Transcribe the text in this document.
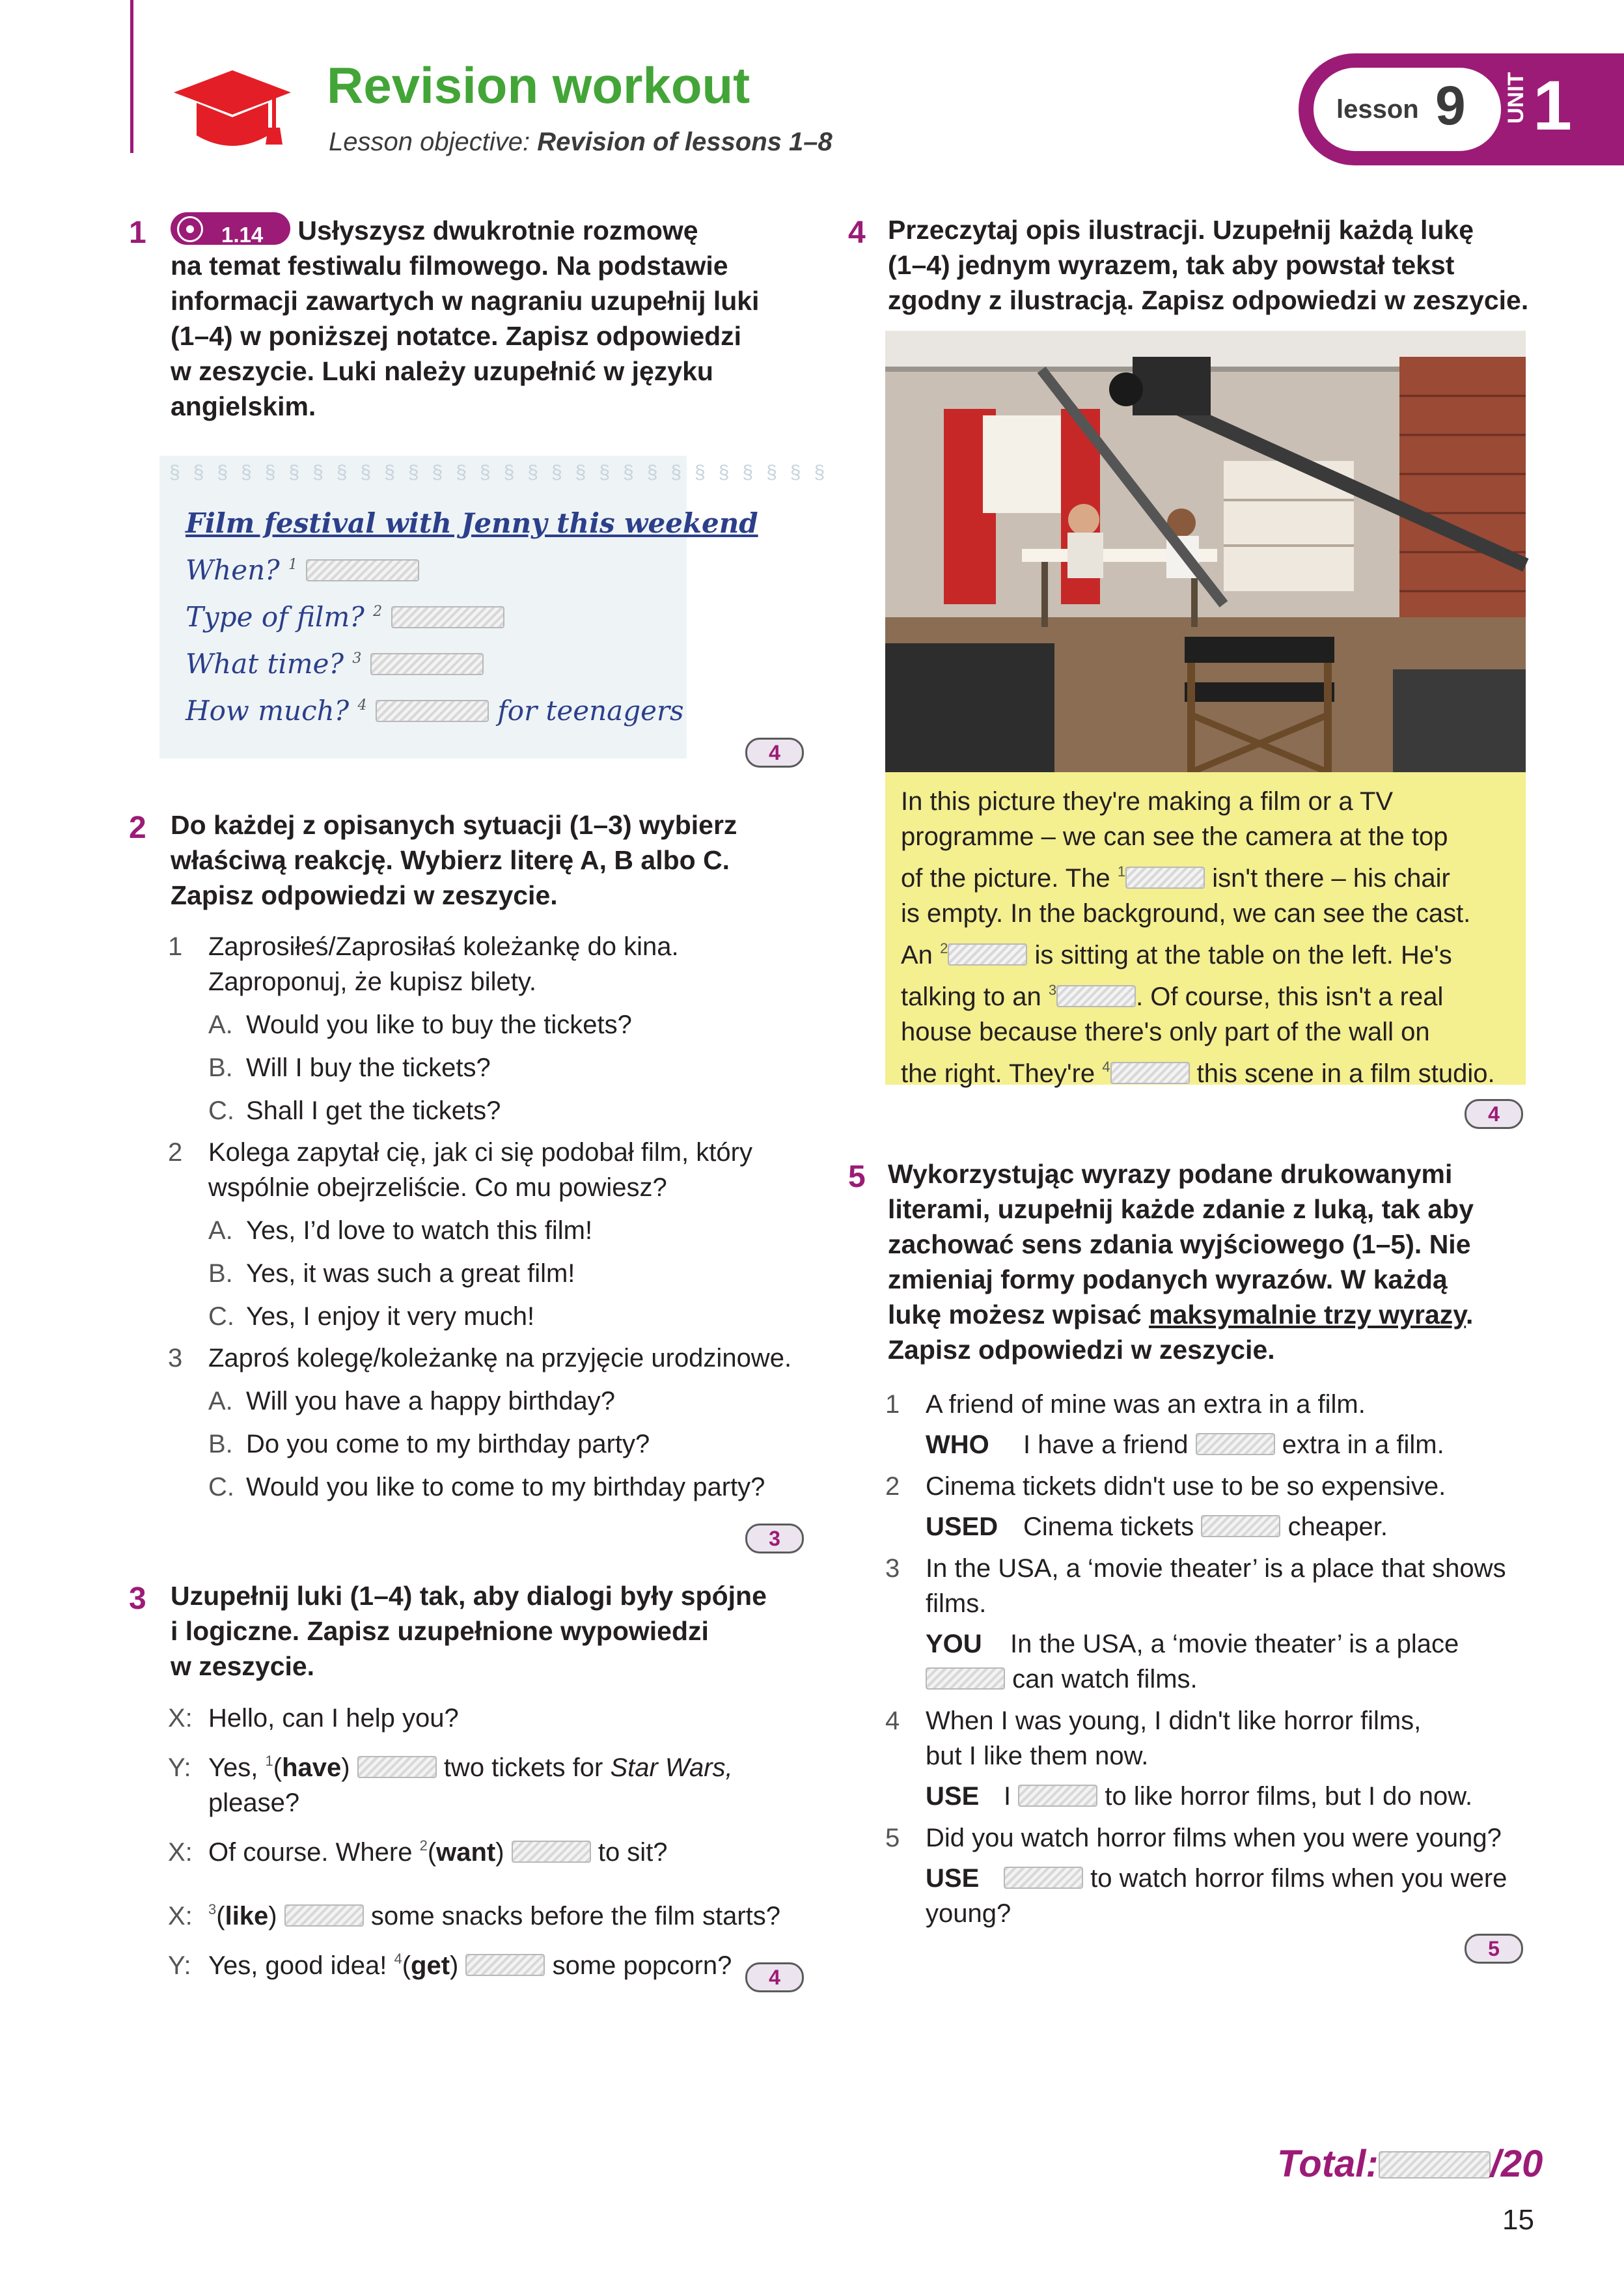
Revision workout
Lesson objective: Revision of lessons 1–8
lesson 9 UNIT 1
1	1.14 Usłyszysz dwukrotnie rozmowę
na temat festiwalu filmowego. Na podstawie
informacji zawartych w nagraniu uzupełnij luki
(1–4) w poniższej notatce. Zapisz odpowiedzi
w zeszycie. Luki należy uzupełnić w języku
angielskim.
§§§§§§§§§§§§§§§§§§§§§§§§§§§§
Film festival with Jenny this weekend
When? $^1$
Type of film? $^2$
What time? $^3$
How much? $^4$	for teenagers
4
2 Do każdej z opisanych sytuacji (1–3) wybierz
właściwą reakcję. Wybierz literę A, B albo C.
Zapisz odpowiedzi w zeszycie.
1 Zaprosiłeś/Zaprosiłaś koleżankę do kina.
Zaproponuj, że kupisz bilety.
A. Would you like to buy the tickets?
B. Will I buy the tickets?
C. Shall I get the tickets?
2 Kolega zapytał cię, jak ci się podobał film, który
wspólnie obejrzeliście. Co mu powiesz?
A. Yes, I’d love to watch this film!
B. Yes, it was such a great film!
C. Yes, I enjoy it very much!
3 Zaproś kolegę/koleżankę na przyjęcie urodzinowe.
A. Will you have a happy birthday?
B. Do you come to my birthday party?
C. Would you like to come to my birthday party?
3
3 Uzupełnij luki (1–4) tak, aby dialogi były spójne
i logiczne. Zapisz uzupełnione wypowiedzi
w zeszycie.
X: Hello, can I help you?
Y: Yes, $^1$(have)	two tickets for Star Wars,
please?
X: Of course. Where $^2$(want)	to sit?
X: $^3$(like)	some snacks before the film starts?
Y: Yes, good idea! $^4$(get)	some popcorn?	4
4 Przeczytaj opis ilustracji. Uzupełnij każdą lukę
(1–4) jednym wyrazem, tak aby powstał tekst
zgodny z ilustracją. Zapisz odpowiedzi w zeszycie.
In this picture they're making a film or a TV
programme – we can see the camera at the top
of the picture. The $^1$	isn't there – his chair
is empty. In the background, we can see the cast.
An $^2$	is sitting at the table on the left. He's
talking to an $^3$	. Of course, this isn't a real
house because there's only part of the wall on
the right. They're $^4$	this scene in a film studio.
4
5 Wykorzystując wyrazy podane drukowanymi
literami, uzupełnij każde zdanie z luką, tak aby
zachować sens zdania wyjściowego (1–5). Nie
zmieniaj formy podanych wyrazów. W każdą
lukę możesz wpisać maksymalnie trzy wyrazy.
Zapisz odpowiedzi w zeszycie.
1 A friend of mine was an extra in a film.
WHO I have a friend	extra in a film.
2 Cinema tickets didn't use to be so expensive.
USED Cinema tickets	cheaper.
3 In the USA, a ‘movie theater’ is a place that shows
films.
YOU In the USA, a ‘movie theater’ is a place
can watch films.
4 When I was young, I didn't like horror films,
but I like them now.
USE I	to like horror films, but I do now.
5 Did you watch horror films when you were young?
USE	to watch horror films when you were
young?
5
Total:	/20
15
